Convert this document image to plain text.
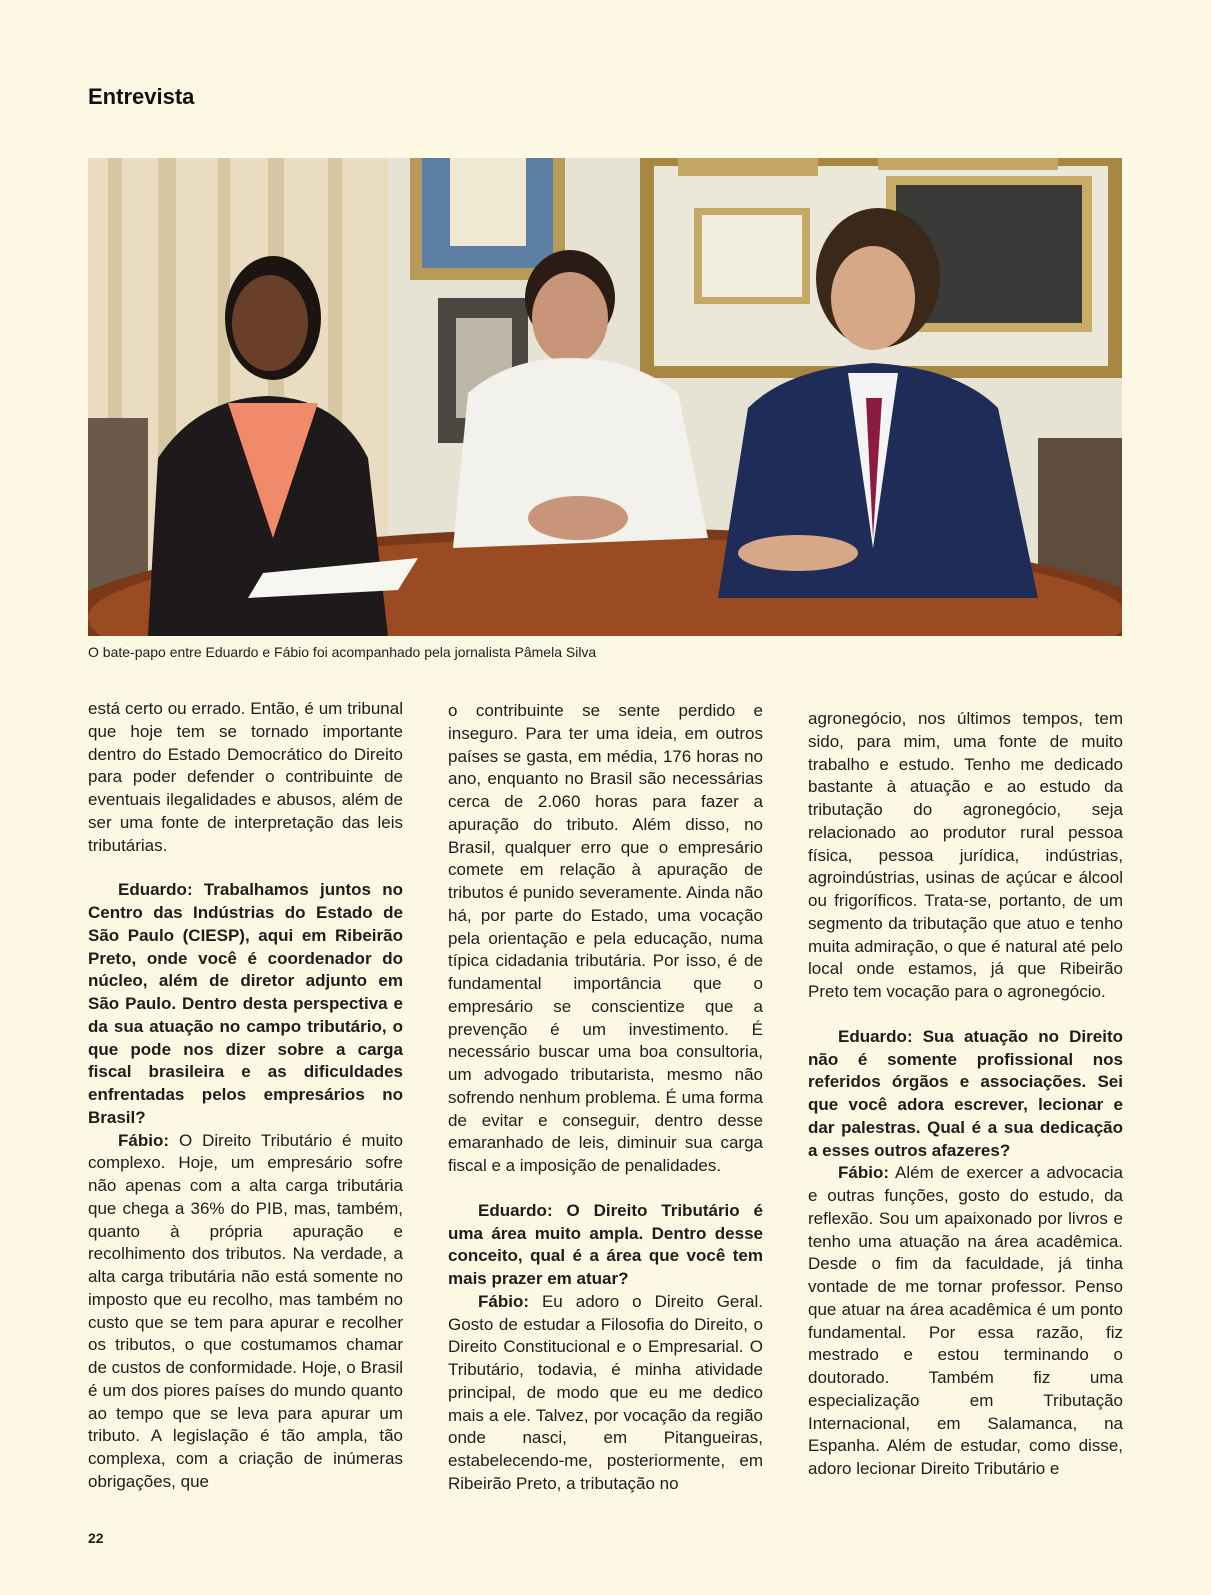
Entrevista
O bate-papo entre Eduardo e Fábio foi acompanhado pela jornalista Pâmela Silva

está certo ou errado. Então, é um tribunal que hoje tem se tornado importante dentro do Estado Democrático do Direito para poder defender o contribuinte de eventuais ilegalidades e abusos, além de ser uma fonte de interpretação das leis tributárias.

Eduardo: Trabalhamos juntos no Centro das Indústrias do Estado de São Paulo (CIESP), aqui em Ribeirão Preto, onde você é coordenador do núcleo, além de diretor adjunto em São Paulo. Dentro desta perspectiva e da sua atuação no campo tributário, o que pode nos dizer sobre a carga fiscal brasileira e as dificuldades enfrentadas pelos empresários no Brasil?

Fábio: O Direito Tributário é muito complexo. Hoje, um empresário sofre não apenas com a alta carga tributária que chega a 36% do PIB, mas, também, quanto à própria apuração e recolhimento dos tributos. Na verdade, a alta carga tributária não está somente no imposto que eu recolho, mas também no custo que se tem para apurar e recolher os tributos, o que costumamos chamar de custos de conformidade. Hoje, o Brasil é um dos piores países do mundo quanto ao tempo que se leva para apurar um tributo. A legislação é tão ampla, tão complexa, com a criação de inúmeras obrigações, que

o contribuinte se sente perdido e inseguro. Para ter uma ideia, em outros países se gasta, em média, 176 horas no ano, enquanto no Brasil são necessárias cerca de 2.060 horas para fazer a apuração do tributo. Além disso, no Brasil, qualquer erro que o empresário comete em relação à apuração de tributos é punido severamente. Ainda não há, por parte do Estado, uma vocação pela orientação e pela educação, numa típica cidadania tributária. Por isso, é de fundamental importância que o empresário se conscientize que a prevenção é um investimento. É necessário buscar uma boa consultoria, um advogado tributarista, mesmo não sofrendo nenhum problema. É uma forma de evitar e conseguir, dentro desse emaranhado de leis, diminuir sua carga fiscal e a imposição de penalidades.

Eduardo: O Direito Tributário é uma área muito ampla. Dentro desse conceito, qual é a área que você tem mais prazer em atuar?

Fábio: Eu adoro o Direito Geral. Gosto de estudar a Filosofia do Direito, o Direito Constitucional e o Empresarial. O Tributário, todavia, é minha atividade principal, de modo que eu me dedico mais a ele. Talvez, por vocação da região onde nasci, em Pitangueiras, estabelecendo-me, posteriormente, em Ribeirão Preto, a tributação no

agronegócio, nos últimos tempos, tem sido, para mim, uma fonte de muito trabalho e estudo. Tenho me dedicado bastante à atuação e ao estudo da tributação do agronegócio, seja relacionado ao produtor rural pessoa física, pessoa jurídica, indústrias, agroindústrias, usinas de açúcar e álcool ou frigoríficos. Trata-se, portanto, de um segmento da tributação que atuo e tenho muita admiração, o que é natural até pelo local onde estamos, já que Ribeirão Preto tem vocação para o agronegócio.

Eduardo: Sua atuação no Direito não é somente profissional nos referidos órgãos e associações. Sei que você adora escrever, lecionar e dar palestras. Qual é a sua dedicação a esses outros afazeres?

Fábio: Além de exercer a advocacia e outras funções, gosto do estudo, da reflexão. Sou um apaixonado por livros e tenho uma atuação na área acadêmica. Desde o fim da faculdade, já tinha vontade de me tornar professor. Penso que atuar na área acadêmica é um ponto fundamental. Por essa razão, fiz mestrado e estou terminando o doutorado. Também fiz uma especialização em Tributação Internacional, em Salamanca, na Espanha. Além de estudar, como disse, adoro lecionar Direito Tributário e

22
